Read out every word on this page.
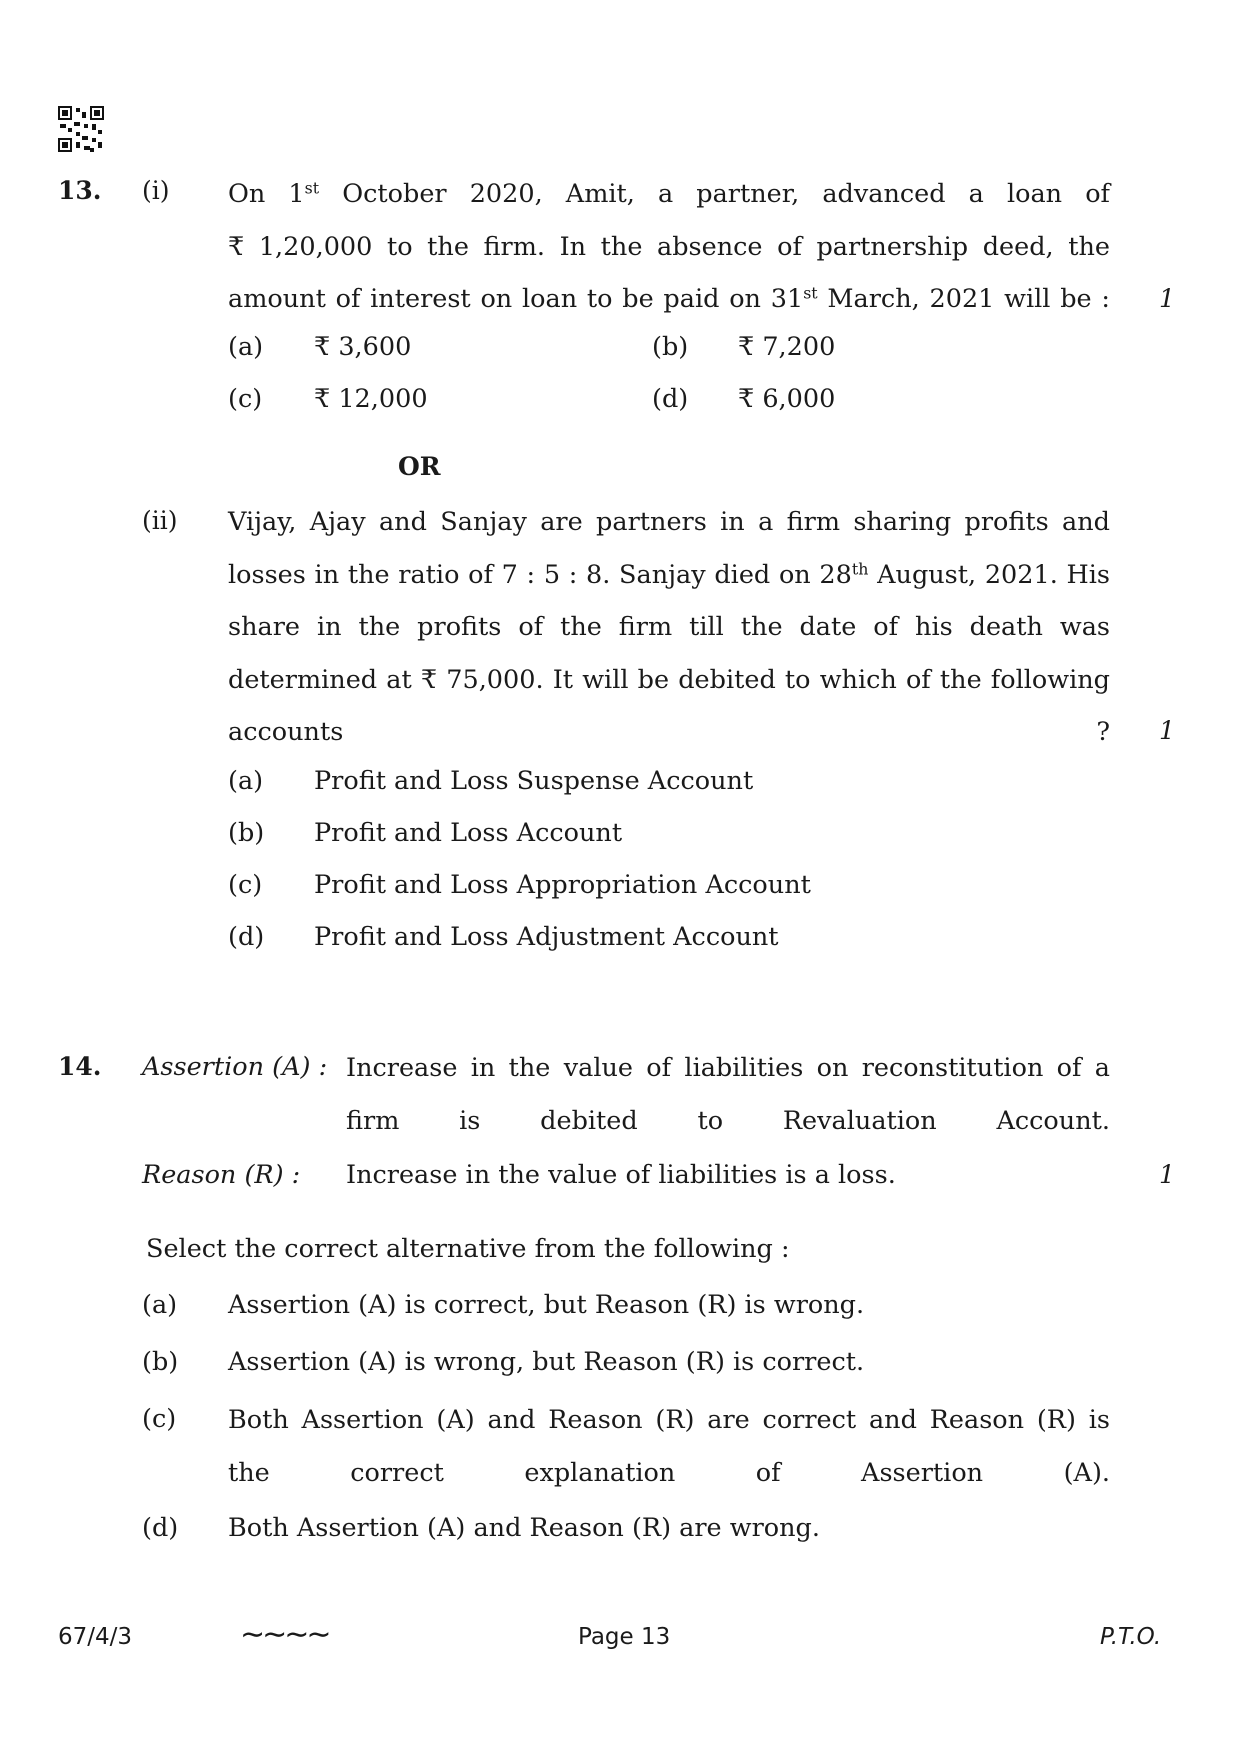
13. (i) On 1st October 2020, Amit, a partner, advanced a loan of
₹ 1,20,000 to the firm. In the absence of partnership deed, the
amount of interest on loan to be paid on 31st March, 2021 will be : 1
(a) ₹ 3,600	(b) ₹ 7,200
(c) ₹ 12,000	(d) ₹ 6,000
OR
(ii) Vijay, Ajay and Sanjay are partners in a firm sharing profits and
losses in the ratio of 7 : 5 : 8. Sanjay died on 28th August, 2021. His
share in the profits of the firm till the date of his death was
determined at ₹ 75,000. It will be debited to which of the following
accounts ? 1
(a) Profit and Loss Suspense Account
(b) Profit and Loss Account
(c) Profit and Loss Appropriation Account
(d) Profit and Loss Adjustment Account
14. Assertion (A) : Increase in the value of liabilities on reconstitution of a
firm is debited to Revaluation Account.
Reason (R) : Increase in the value of liabilities is a loss.	1
Select the correct alternative from the following :
(a) Assertion (A) is correct, but Reason (R) is wrong.
(b) Assertion (A) is wrong, but Reason (R) is correct.
(c) Both Assertion (A) and Reason (R) are correct and Reason (R) is
the correct explanation of Assertion (A).
(d) Both Assertion (A) and Reason (R) are wrong.
67/4/3	∼∼∼∼	Page 13	P.T.O.
